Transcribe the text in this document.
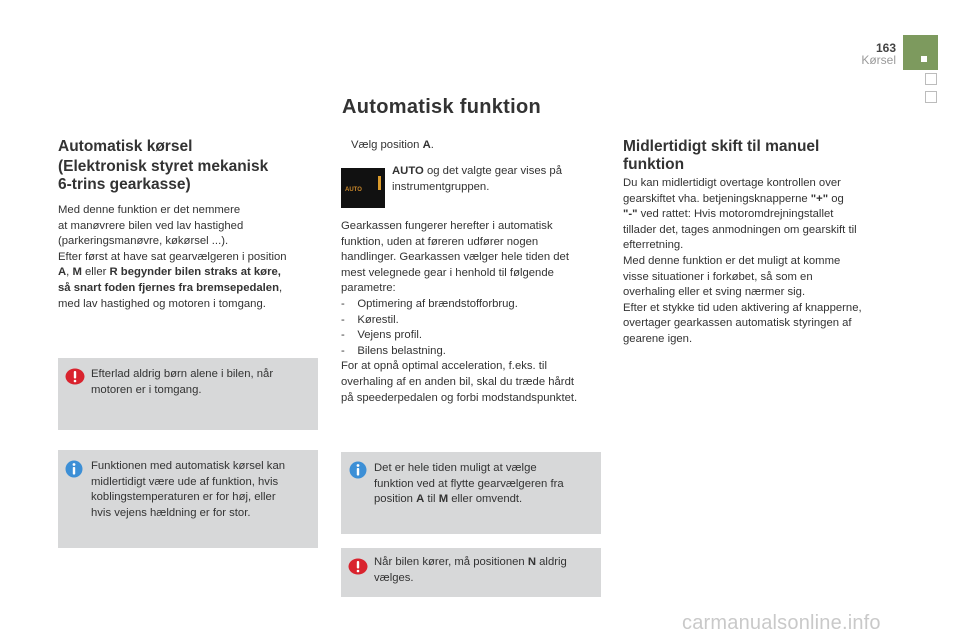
163
Kørsel
Automatisk funktion
Automatisk kørsel
(Elektronisk styret mekanisk
6-trins gearkasse)

Med denne funktion er det nemmere

at manøvrere bilen ved lav hastighed

(parkeringsmanøvre, køkørsel ...).

Efter først at have sat gearvælgeren i position

A, M eller R begynder bilen straks at køre,

så snart foden fjernes fra bremsepedalen,

med lav hastighed og motoren i tomgang.

Efterlad aldrig børn alene i bilen, når
motoren er i tomgang.
Funktionen med automatisk kørsel kan
midlertidigt være ude af funktion, hvis
koblingstemperaturen er for høj, eller
hvis vejens hældning er for stor.
Vælg position A.
AUTO
AUTO og det valgte gear vises på
instrumentgruppen.
Gearkassen fungerer herefter i automatisk
funktion, uden at føreren udfører nogen
handlinger. Gearkassen vælger hele tiden det
mest velegnede gear i henhold til følgende
parametre:
-    Optimering af brændstofforbrug.
-    Kørestil.
-    Vejens profil.
-    Bilens belastning.
For at opnå optimal acceleration, f.eks. til
overhaling af en anden bil, skal du træde hårdt
på speederpedalen og forbi modstandspunktet.
Det er hele tiden muligt at vælge
funktion ved at flytte gearvælgeren fra
position A til M eller omvendt.
Når bilen kører, må positionen N aldrig
vælges.
Midlertidigt skift til manuel
funktion
Du kan midlertidigt overtage kontrollen over
gearskiftet vha. betjeningsknapperne "+" og
"-" ved rattet: Hvis motoromdrejningstallet
tillader det, tages anmodningen om gearskift til
efterretning.
Med denne funktion er det muligt at komme
visse situationer i forkøbet, så som en
overhaling eller et sving nærmer sig.
Efter et stykke tid uden aktivering af knapperne,
overtager gearkassen automatisk styringen af
gearene igen.
carmanualsonline.info
